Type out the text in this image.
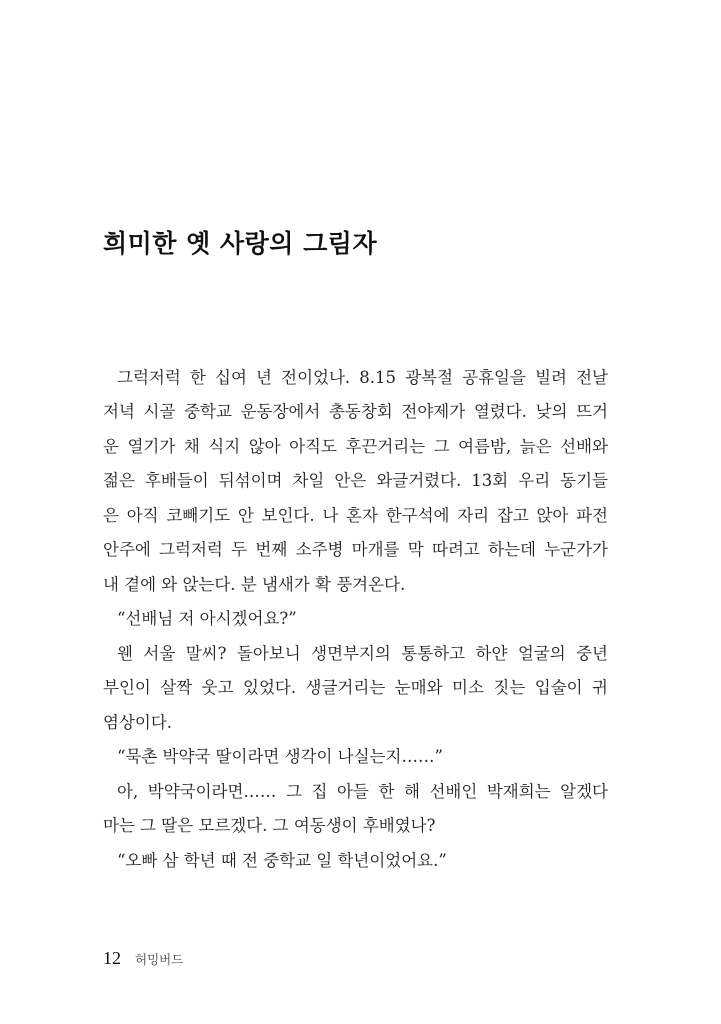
희미한 옛 사랑의 그림자
그럭저럭 한 십여 년 전이었나. 8.15 광복절 공휴일을 빌려 전날
저녁 시골 중학교 운동장에서 총동창회 전야제가 열렸다. 낮의 뜨거
운 열기가 채 식지 않아 아직도 후끈거리는 그 여름밤, 늙은 선배와
젊은 후배들이 뒤섞이며 차일 안은 와글거렸다. 13회 우리 동기들
은 아직 코빼기도 안 보인다. 나 혼자 한구석에 자리 잡고 앉아 파전
안주에 그럭저럭 두 번째 소주병 마개를 막 따려고 하는데 누군가가
내 곁에 와 앉는다. 분 냄새가 확 풍겨온다.
“선배님 저 아시겠어요?”
웬 서울 말씨? 돌아보니 생면부지의 통통하고 하얀 얼굴의 중년
부인이 살짝 웃고 있었다. 생글거리는 눈매와 미소 짓는 입술이 귀
염상이다.
“묵촌 박약국 딸이라면 생각이 나실는지……”
아, 박약국이라면…… 그 집 아들 한 해 선배인 박재희는 알겠다
마는 그 딸은 모르겠다. 그 여동생이 후배였나?
“오빠 삼 학년 때 전 중학교 일 학년이었어요.”
12 허밍버드
